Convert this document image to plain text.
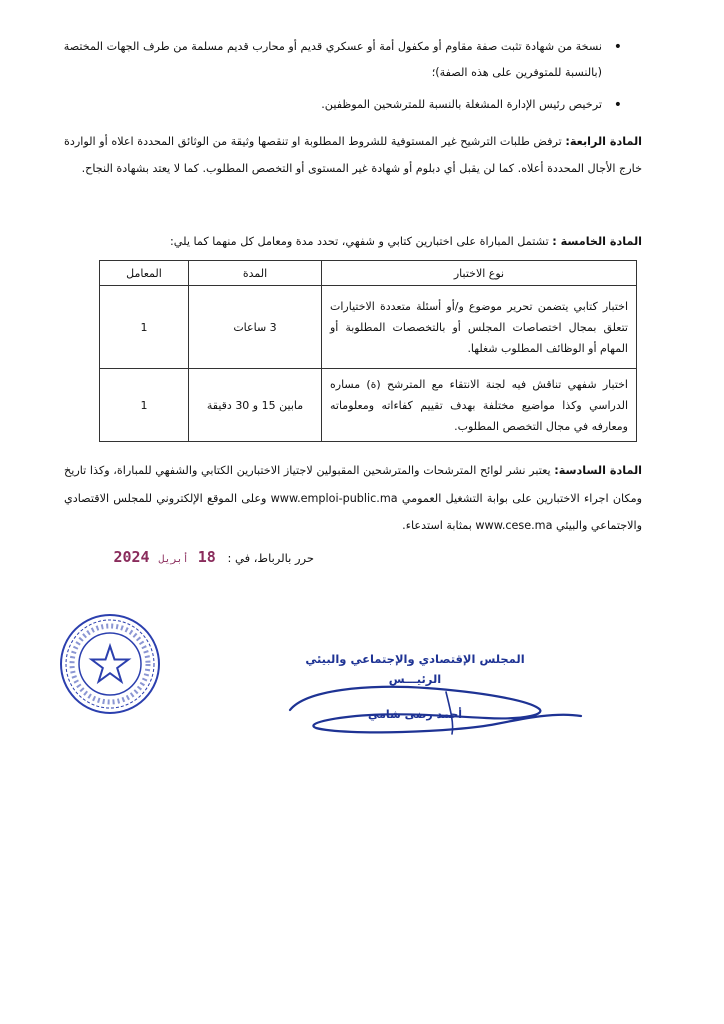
• نسخة من شهادة تثبت صفة مقاوم أو مكفول أمة أو عسكري قديم أو محارب قديم مسلمة من طرف الجهات المختصة (بالنسبة للمتوفرين على هذه الصفة)؛

• ترخيص رئيس الإدارة المشغلة بالنسبة للمترشحين الموظفين.

المادة الرابعة: ترفض طلبات الترشيح غير المستوفية للشروط المطلوبة او تنقصها وثيقة من الوثائق المحددة اعلاه أو الواردة خارج الأجال المحددة أعلاه. كما لن يقبل أي دبلوم أو شهادة غير المستوى أو التخصص المطلوب. كما لا يعتد بشهادة النجاح.
المادة الخامسة : تشتمل المباراة على اختبارين كتابي و شفهي، تحدد مدة ومعامل كل منهما كما يلي:
نوع الاختبار	المدة	المعامل
اختبار كتابي يتضمن تحرير موضوع و/أو أسئلة متعددة الاختيارات تتعلق بمجال اختصاصات المجلس أو بالتخصصات المطلوبة أو المهام أو الوظائف المطلوب شغلها.	3 ساعات	1
اختبار شفهي تناقش فيه لجنة الانتقاء مع المترشح (ة) مساره الدراسي وكذا مواضيع مختلفة بهدف تقييم كفاءاته ومعلوماته ومعارفه في مجال التخصص المطلوب.	مابين 15 و 30 دقيقة	1
المادة السادسة: يعتبر نشر لوائح المترشحات والمترشحين المقبولين لاجتياز الاختبارين الكتابي والشفهي للمباراة، وكذا تاريخ ومكان اجراء الاختبارين على بوابة التشغيل العمومي www.emploi-public.ma وعلى الموقع الإلكتروني للمجلس الاقتصادي والاجتماعي والبيئي www.cese.ma بمثابة استدعاء.
حرر بالرباط، في : 18 أبريل 2024
المجلس الإقتصادي والإجتماعي والبيئي
الرئيـــس
أحمد رضى شامي
